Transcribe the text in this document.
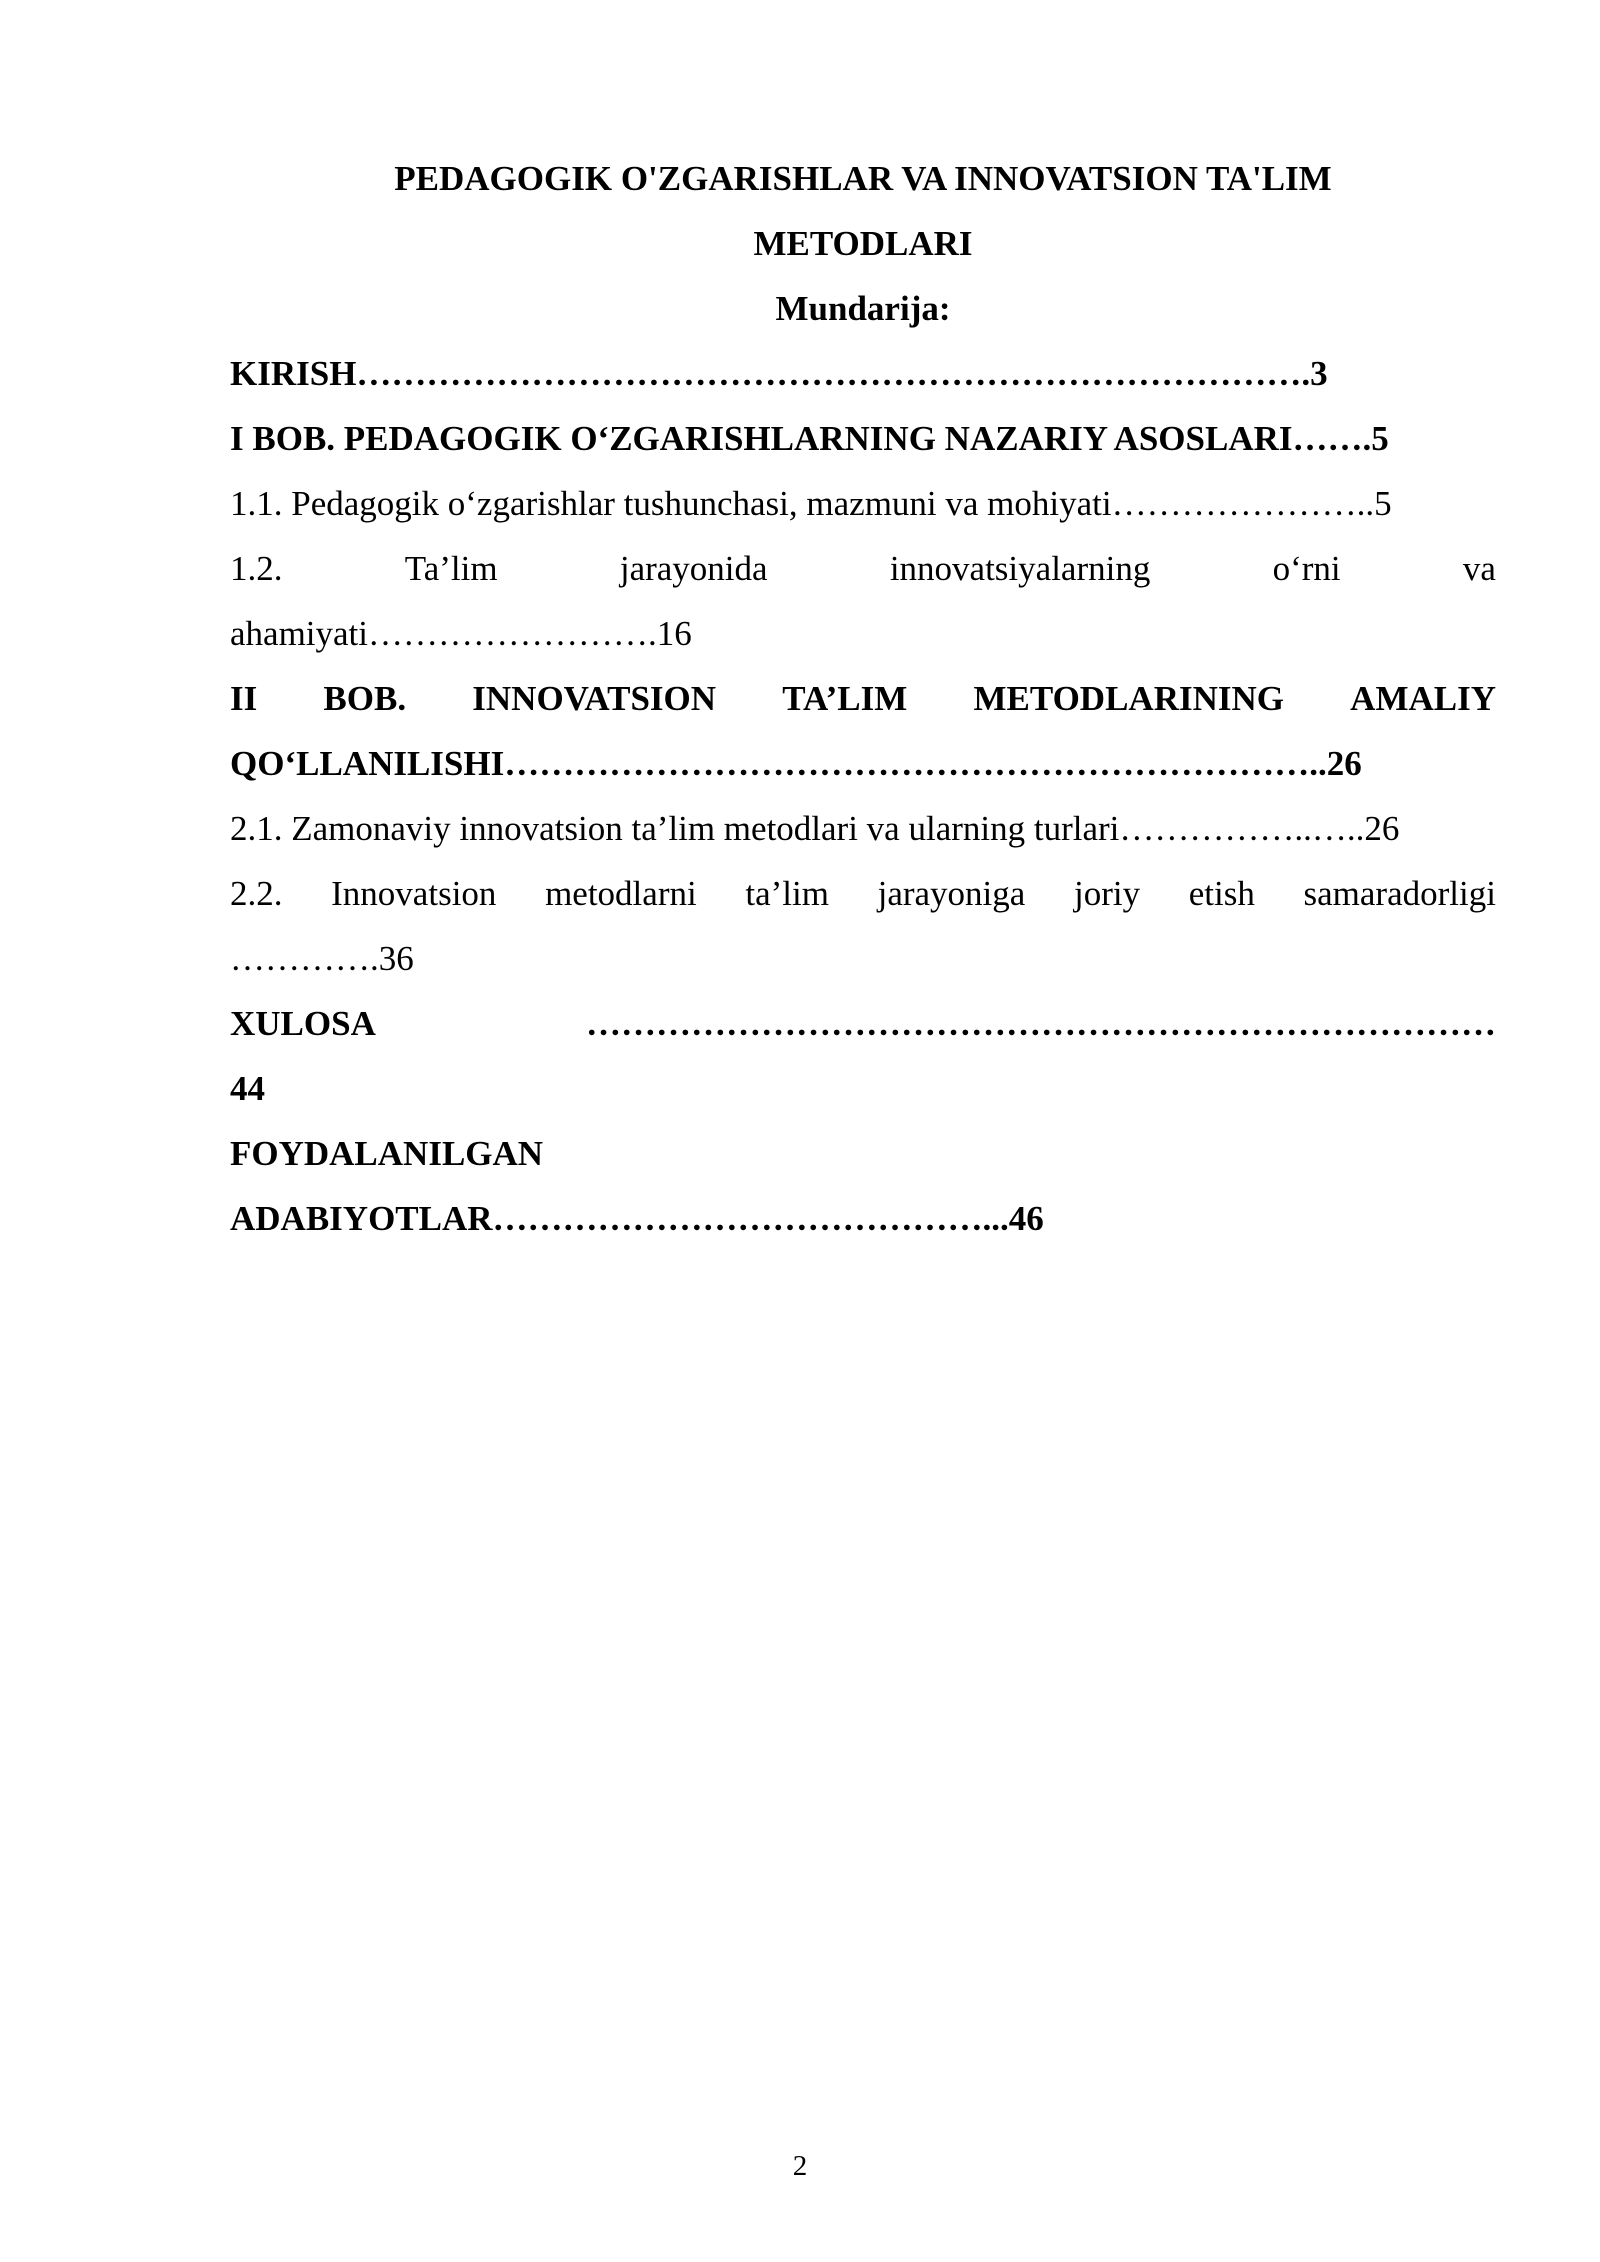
PEDAGOGIK O'ZGARISHLAR VA INNOVATSION TA'LIM
METODLARI
Mundarija:
KIRISH……………………………………………………………………….3
I BOB. PEDAGOGIK O‘ZGARISHLARNING NAZARIY ASOSLARI…….5
1.1. Pedagogik o‘zgarishlar tushunchasi, mazmuni va mohiyati…………………..5
1.2.	Ta’lim	jarayonida	innovatsiyalarning	o‘rni	va
ahamiyati…………………….16
II BOB. INNOVATSION TA’LIM METODLARINING AMALIY
QO‘LLANILISHI……………………………………………………………..26
2.1. Zamonaviy innovatsion ta’lim metodlari va ularning turlari……………..…..26
2.2. Innovatsion metodlarni ta’lim jarayoniga joriy etish samaradorligi
………….36
XULOSA	……………………………………………………………………
44
FOYDALANILGAN
ADABIYOTLAR……………………………………...46
2
